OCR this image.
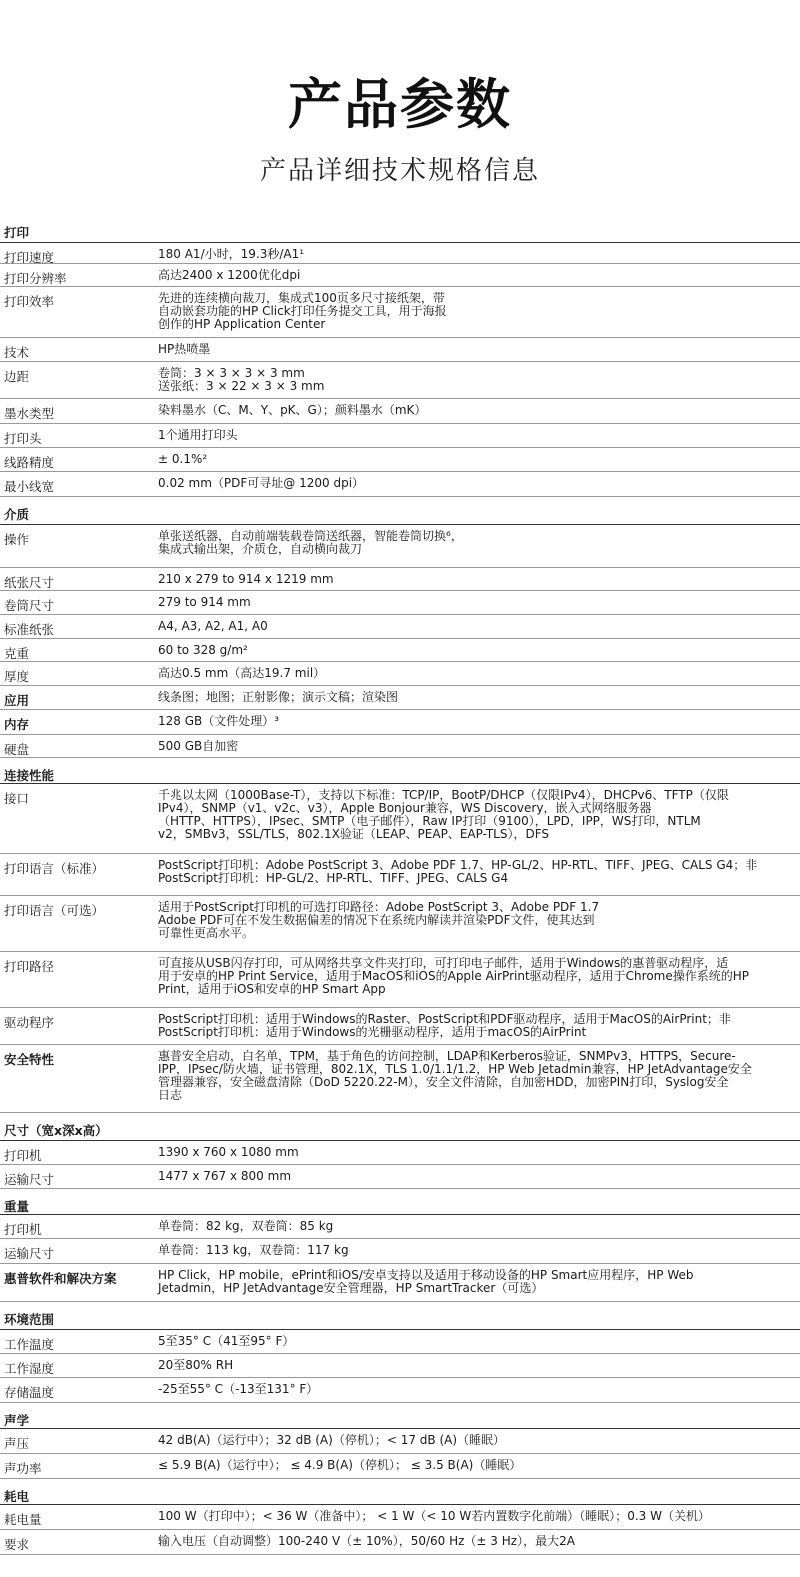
产品参数
产品详细技术规格信息
打印
打印速度	180 A1/小时，19.3秒/A1¹
打印分辨率	高达2400 x 1200优化dpi
打印效率	先进的连续横向裁刀，集成式100页多尺寸接纸架，带
自动嵌套功能的HP Click打印任务提交工具，用于海报
创作的HP Application Center
技术	HP热喷墨
边距	卷筒：3 × 3 × 3 × 3 mm
送张纸：3 × 22 × 3 × 3 mm
墨水类型	染料墨水（C、M、Y、pK、G）；颜料墨水（mK）
打印头	1个通用打印头
线路精度	± 0.1%²
最小线宽	0.02 mm（PDF可寻址@ 1200 dpi）
介质
操作	单张送纸器，自动前端装载卷筒送纸器，智能卷筒切换⁶，
集成式输出架，介质仓，自动横向裁刀
纸张尺寸	210 x 279 to 914 x 1219 mm
卷筒尺寸	279 to 914 mm
标准纸张	A4, A3, A2, A1, A0
克重	60 to 328 g/m²
厚度	高达0.5 mm（高达19.7 mil）
应用	线条图；地图；正射影像；演示文稿；渲染图
内存	128 GB（文件处理）³
硬盘	500 GB自加密
连接性能
接口	千兆以太网（1000Base-T），支持以下标准：TCP/IP，BootP/DHCP（仅限IPv4），DHCPv6、TFTP（仅限
IPv4），SNMP（v1、v2c、v3），Apple Bonjour兼容，WS Discovery，嵌入式网络服务器
（HTTP、HTTPS），IPsec、SMTP（电子邮件），Raw IP打印（9100），LPD，IPP，WS打印，NTLM
v2，SMBv3，SSL/TLS，802.1X验证（LEAP、PEAP、EAP-TLS），DFS
打印语言（标准）	PostScript打印机：Adobe PostScript 3、Adobe PDF 1.7、HP-GL/2、HP-RTL、TIFF、JPEG、CALS G4；非
PostScript打印机：HP-GL/2、HP-RTL、TIFF、JPEG、CALS G4
打印语言（可选）	适用于PostScript打印机的可选打印路径：Adobe PostScript 3、Adobe PDF 1.7
Adobe PDF可在不发生数据偏差的情况下在系统内解读并渲染PDF文件，使其达到
可靠性更高水平。
打印路径	可直接从USB闪存打印，可从网络共享文件夹打印，可打印电子邮件，适用于Windows的惠普驱动程序，适
用于安卓的HP Print Service，适用于MacOS和iOS的Apple AirPrint驱动程序，适用于Chrome操作系统的HP
Print，适用于iOS和安卓的HP Smart App
驱动程序	PostScript打印机：适用于Windows的Raster、PostScript和PDF驱动程序，适用于MacOS的AirPrint；非
PostScript打印机：适用于Windows的光栅驱动程序，适用于macOS的AirPrint
安全特性	惠普安全启动，白名单，TPM，基于角色的访问控制，LDAP和Kerberos验证，SNMPv3，HTTPS，Secure-
IPP，IPsec/防火墙，证书管理，802.1X，TLS 1.0/1.1/1.2，HP Web Jetadmin兼容，HP JetAdvantage安全
管理器兼容，安全磁盘清除（DoD 5220.22-M），安全文件清除，自加密HDD，加密PIN打印，Syslog安全
日志
尺寸（宽x深x高）
打印机	1390 x 760 x 1080 mm
运输尺寸	1477 x 767 x 800 mm
重量
打印机	单卷筒：82 kg，双卷筒：85 kg
运输尺寸	单卷筒：113 kg，双卷筒：117 kg
惠普软件和解决方案	HP Click，HP mobile，ePrint和iOS/安卓支持以及适用于移动设备的HP Smart应用程序，HP Web
Jetadmin，HP JetAdvantage安全管理器，HP SmartTracker（可选）
环境范围
工作温度	5至35° C（41至95° F）
工作湿度	20至80% RH
存储温度	-25至55° C（-13至131° F）
声学
声压	42 dB(A)（运行中）；32 dB (A)（停机）；< 17 dB (A)（睡眠）
声功率	≤ 5.9 B(A)（运行中）； ≤ 4.9 B(A)（停机）； ≤ 3.5 B(A)（睡眠）
耗电
耗电量	100 W（打印中）；< 36 W（准备中）； < 1 W（< 10 W若内置数字化前端）（睡眠）；0.3 W（关机）
要求	输入电压（自动调整）100-240 V（± 10%），50/60 Hz（± 3 Hz），最大2A
